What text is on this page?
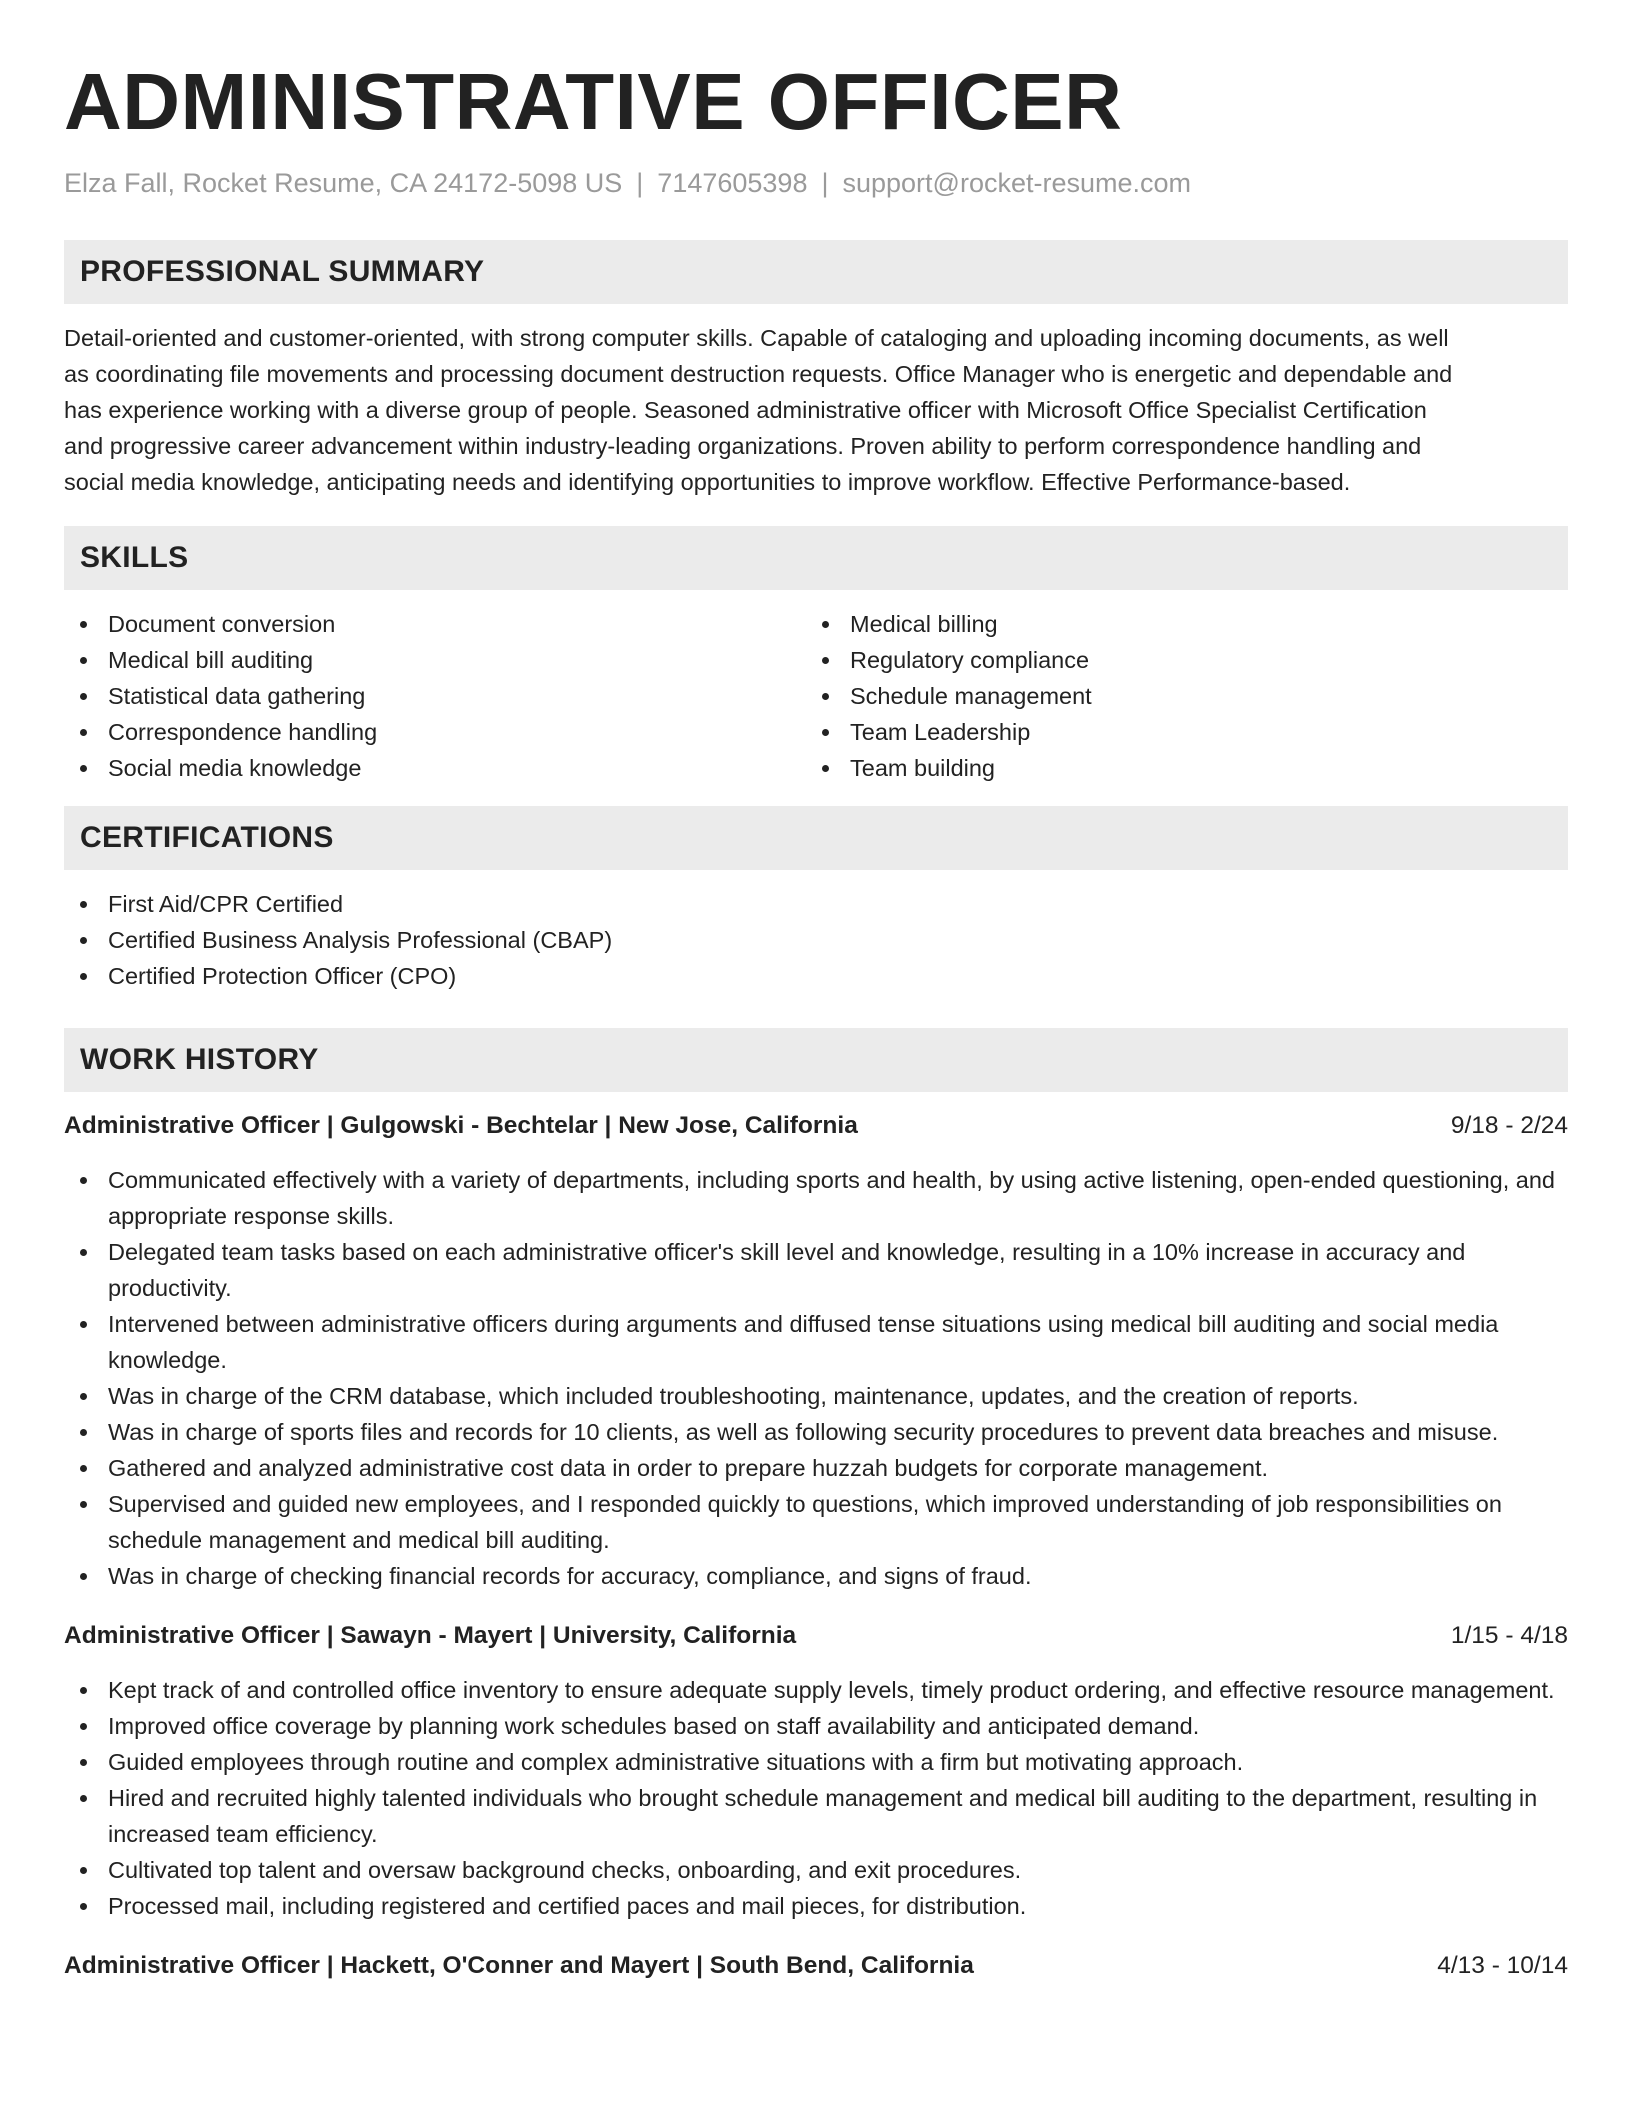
ADMINISTRATIVE OFFICER
Elza Fall, Rocket Resume, CA 24172-5098 US | 7147605398 | support@rocket-resume.com
PROFESSIONAL SUMMARY
Detail-oriented and customer-oriented, with strong computer skills. Capable of cataloging and uploading incoming documents, as well
as coordinating file movements and processing document destruction requests. Office Manager who is energetic and dependable and
has experience working with a diverse group of people. Seasoned administrative officer with Microsoft Office Specialist Certification
and progressive career advancement within industry-leading organizations. Proven ability to perform correspondence handling and
social media knowledge, anticipating needs and identifying opportunities to improve workflow. Effective Performance-based.
SKILLS
Document conversion
Medical bill auditing
Statistical data gathering
Correspondence handling
Social media knowledge
Medical billing
Regulatory compliance
Schedule management
Team Leadership
Team building
CERTIFICATIONS
First Aid/CPR Certified
Certified Business Analysis Professional (CBAP)
Certified Protection Officer (CPO)
WORK HISTORY
Administrative Officer | Gulgowski - Bechtelar | New Jose, California	9/18 - 2/24
Communicated effectively with a variety of departments, including sports and health, by using active listening, open-ended questioning, and appropriate response skills.
Delegated team tasks based on each administrative officer's skill level and knowledge, resulting in a 10% increase in accuracy and productivity.
Intervened between administrative officers during arguments and diffused tense situations using medical bill auditing and social media knowledge.
Was in charge of the CRM database, which included troubleshooting, maintenance, updates, and the creation of reports.
Was in charge of sports files and records for 10 clients, as well as following security procedures to prevent data breaches and misuse.
Gathered and analyzed administrative cost data in order to prepare huzzah budgets for corporate management.
Supervised and guided new employees, and I responded quickly to questions, which improved understanding of job responsibilities on schedule management and medical bill auditing.
Was in charge of checking financial records for accuracy, compliance, and signs of fraud.
Administrative Officer | Sawayn - Mayert | University, California	1/15 - 4/18
Kept track of and controlled office inventory to ensure adequate supply levels, timely product ordering, and effective resource management.
Improved office coverage by planning work schedules based on staff availability and anticipated demand.
Guided employees through routine and complex administrative situations with a firm but motivating approach.
Hired and recruited highly talented individuals who brought schedule management and medical bill auditing to the department, resulting in increased team efficiency.
Cultivated top talent and oversaw background checks, onboarding, and exit procedures.
Processed mail, including registered and certified paces and mail pieces, for distribution.
Administrative Officer | Hackett, O'Conner and Mayert | South Bend, California	4/13 - 10/14
